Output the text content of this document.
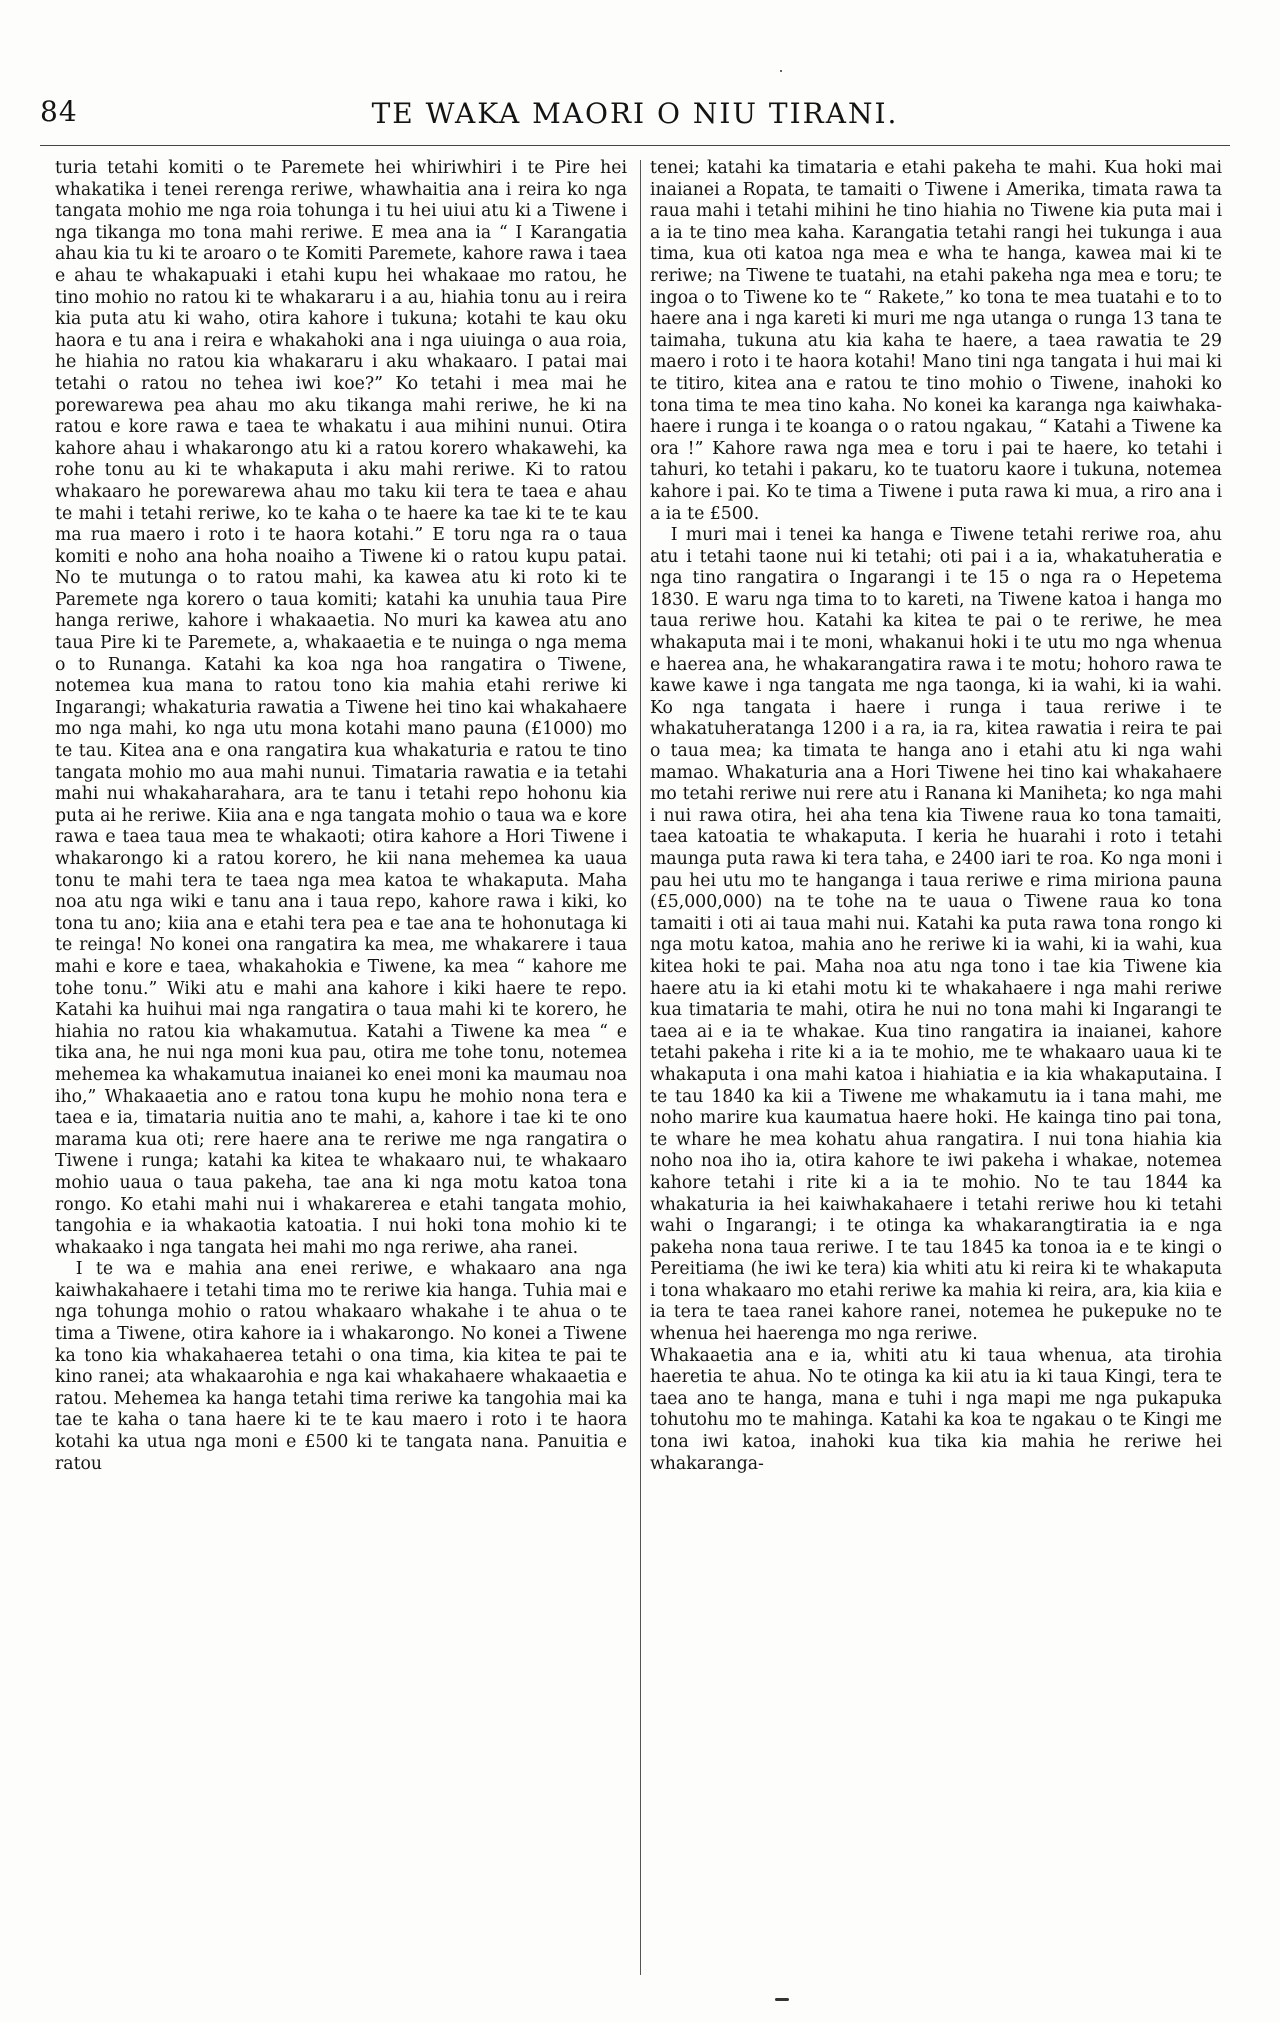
84	TE WAKA MAORI O NIU TIRANI.

turia tetahi komiti o te Paremete hei whiriwhiri i te Pire hei whakatika i tenei rerenga reriwe, whawhaitia ana i reira ko nga tangata mohio me nga roia tohunga i tu hei uiui atu ki a Tiwene i nga tikanga mo tona mahi reriwe. E mea ana ia “ I Karangatia ahau kia tu ki te aroaro o te Komiti Paremete, kahore rawa i taea e ahau te whakapuaki i etahi kupu hei whakaae mo ratou, he tino mohio no ratou ki te whakararu i a au, hiahia tonu au i reira kia puta atu ki waho, otira kahore i tukuna; kotahi te kau oku haora e tu ana i reira e whakahoki ana i nga uiuinga o aua roia, he hiahia no ratou kia whakararu i aku whakaaro. I patai mai tetahi o ratou no tehea iwi koe?” Ko tetahi i mea mai he porewarewa pea ahau mo aku tikanga mahi reriwe, he ki na ratou e kore rawa e taea te whakatu i aua mihini nunui. Otira kahore ahau i whakarongo atu ki a ratou korero whakawehi, ka rohe tonu au ki te whakaputa i aku mahi reriwe. Ki to ratou whakaaro he porewarewa ahau mo taku kii tera te taea e ahau te mahi i tetahi reriwe, ko te kaha o te haere ka tae ki te te kau ma rua maero i roto i te haora kotahi.” E toru nga ra o taua komiti e noho ana hoha noaiho a Tiwene ki o ratou kupu patai. No te mutunga o to ratou mahi, ka kawea atu ki roto ki te Paremete nga korero o taua komiti; katahi ka unuhia taua Pire hanga reriwe, kahore i whakaaetia. No muri ka kawea atu ano taua Pire ki te Paremete, a, whakaaetia e te nuinga o nga mema o to Runanga. Katahi ka koa nga hoa rangatira o Tiwene, notemea kua mana to ratou tono kia mahia etahi reriwe ki Ingarangi; whakaturia rawatia a Tiwene hei tino kai whakahaere mo nga mahi, ko nga utu mona kotahi mano pauna (£1000) mo te tau. Kitea ana e ona rangatira kua whakaturia e ratou te tino tangata mohio mo aua mahi nunui. Timataria rawatia e ia tetahi mahi nui whakaharahara, ara te tanu i tetahi repo hohonu kia puta ai he reriwe. Kiia ana e nga tangata mohio o taua wa e kore rawa e taea taua mea te whakaoti; otira kahore a Hori Tiwene i whakarongo ki a ratou korero, he kii nana mehemea ka uaua tonu te mahi tera te taea nga mea katoa te whakaputa. Maha noa atu nga wiki e tanu ana i taua repo, kahore rawa i kiki, ko tona tu ano; kiia ana e etahi tera pea e tae ana te hohonutaga ki te reinga! No konei ona rangatira ka mea, me whakarere i taua mahi e kore e taea, whakahokia e Tiwene, ka mea “ kahore me tohe tonu.” Wiki atu e mahi ana kahore i kiki haere te repo. Katahi ka huihui mai nga rangatira o taua mahi ki te korero, he hiahia no ratou kia whakamutua. Katahi a Tiwene ka mea “ e tika ana, he nui nga moni kua pau, otira me tohe tonu, notemea mehemea ka whakamutua inaianei ko enei moni ka maumau noa iho,” Whakaaetia ano e ratou tona kupu he mohio nona tera e taea e ia, timataria nuitia ano te mahi, a, kahore i tae ki te ono marama kua oti; rere haere ana te reriwe me nga rangatira o Tiwene i runga; katahi ka kitea te whakaaro nui, te whakaaro mohio uaua o taua pakeha, tae ana ki nga motu katoa tona rongo. Ko etahi mahi nui i whakarerea e etahi tangata mohio, tangohia e ia whakaotia katoatia. I nui hoki tona mohio ki te whakaako i nga tangata hei mahi mo nga reriwe, aha ranei.

I te wa e mahia ana enei reriwe, e whakaaro ana nga kaiwhakahaere i tetahi tima mo te reriwe kia hanga. Tuhia mai e nga tohunga mohio o ratou whakaaro whakahe i te ahua o te tima a Tiwene, otira kahore ia i whakarongo. No konei a Tiwene ka tono kia whakahaerea tetahi o ona tima, kia kitea te pai te kino ranei; ata whakaarohia e nga kai whakahaere whakaaetia e ratou. Mehemea ka hanga tetahi tima reriwe ka tangohia mai ka tae te kaha o tana haere ki te te kau maero i roto i te haora kotahi ka utua nga moni e £500 ki te tangata nana. Panuitia e ratou

tenei; katahi ka timataria e etahi pakeha te mahi. Kua hoki mai inaianei a Ropata, te tamaiti o Tiwene i Amerika, timata rawa ta raua mahi i tetahi mihini he tino hiahia no Tiwene kia puta mai i a ia te tino mea kaha. Karangatia tetahi rangi hei tukunga i aua tima, kua oti katoa nga mea e wha te hanga, kawea mai ki te reriwe; na Tiwene te tuatahi, na etahi pakeha nga mea e toru; te ingoa o to Tiwene ko te “ Rakete,” ko tona te mea tuatahi e to to haere ana i nga kareti ki muri me nga utanga o runga 13 tana te taimaha, tukuna atu kia kaha te haere, a taea rawatia te 29 maero i roto i te haora kotahi! Mano tini nga tangata i hui mai ki te titiro, kitea ana e ratou te tino mohio o Tiwene, inahoki ko tona tima te mea tino kaha. No konei ka karanga nga kaiwhaka-haere i runga i te koanga o o ratou ngakau, “ Katahi a Tiwene ka ora !” Kahore rawa nga mea e toru i pai te haere, ko tetahi i tahuri, ko tetahi i pakaru, ko te tuatoru kaore i tukuna, notemea kahore i pai. Ko te tima a Tiwene i puta rawa ki mua, a riro ana i a ia te £500.

I muri mai i tenei ka hanga e Tiwene tetahi reriwe roa, ahu atu i tetahi taone nui ki tetahi; oti pai i a ia, whakatuheratia e nga tino rangatira o Ingarangi i te 15 o nga ra o Hepetema 1830. E waru nga tima to to kareti, na Tiwene katoa i hanga mo taua reriwe hou. Katahi ka kitea te pai o te reriwe, he mea whakaputa mai i te moni, whakanui hoki i te utu mo nga whenua e haerea ana, he whakarangatira rawa i te motu; hohoro rawa te kawe kawe i nga tangata me nga taonga, ki ia wahi, ki ia wahi. Ko nga tangata i haere i runga i taua reriwe i te whakatuheratanga 1200 i a ra, ia ra, kitea rawatia i reira te pai o taua mea; ka timata te hanga ano i etahi atu ki nga wahi mamao. Whakaturia ana a Hori Tiwene hei tino kai whakahaere mo tetahi reriwe nui rere atu i Ranana ki Maniheta; ko nga mahi i nui rawa otira, hei aha tena kia Tiwene raua ko tona tamaiti, taea katoatia te whakaputa. I keria he huarahi i roto i tetahi maunga puta rawa ki tera taha, e 2400 iari te roa. Ko nga moni i pau hei utu mo te hanganga i taua reriwe e rima miriona pauna (£5,000,000) na te tohe na te uaua o Tiwene raua ko tona tamaiti i oti ai taua mahi nui. Katahi ka puta rawa tona rongo ki nga motu katoa, mahia ano he reriwe ki ia wahi, ki ia wahi, kua kitea hoki te pai. Maha noa atu nga tono i tae kia Tiwene kia haere atu ia ki etahi motu ki te whakahaere i nga mahi reriwe kua timataria te mahi, otira he nui no tona mahi ki Ingarangi te taea ai e ia te whakae. Kua tino rangatira ia inaianei, kahore tetahi pakeha i rite ki a ia te mohio, me te whakaaro uaua ki te whakaputa i ona mahi katoa i hiahiatia e ia kia whakaputaina. I te tau 1840 ka kii a Tiwene me whakamutu ia i tana mahi, me noho marire kua kaumatua haere hoki. He kainga tino pai tona, te whare he mea kohatu ahua rangatira. I nui tona hiahia kia noho noa iho ia, otira kahore te iwi pakeha i whakae, notemea kahore tetahi i rite ki a ia te mohio. No te tau 1844 ka whakaturia ia hei kaiwhakahaere i tetahi reriwe hou ki tetahi wahi o Ingarangi; i te otinga ka whakarangtiratia ia e nga pakeha nona taua reriwe. I te tau 1845 ka tonoa ia e te kingi o Pereitiama (he iwi ke tera) kia whiti atu ki reira ki te whakaputa i tona whakaaro mo etahi reriwe ka mahia ki reira, ara, kia kiia e ia tera te taea ranei kahore ranei, notemea he pukepuke no te whenua hei haerenga mo nga reriwe.

Whakaaetia ana e ia, whiti atu ki taua whenua, ata tirohia haeretia te ahua. No te otinga ka kii atu ia ki taua Kingi, tera te taea ano te hanga, mana e tuhi i nga mapi me nga pukapuka tohutohu mo te mahinga. Katahi ka koa te ngakau o te Kingi me tona iwi katoa, inahoki kua tika kia mahia he reriwe hei whakaranga-
